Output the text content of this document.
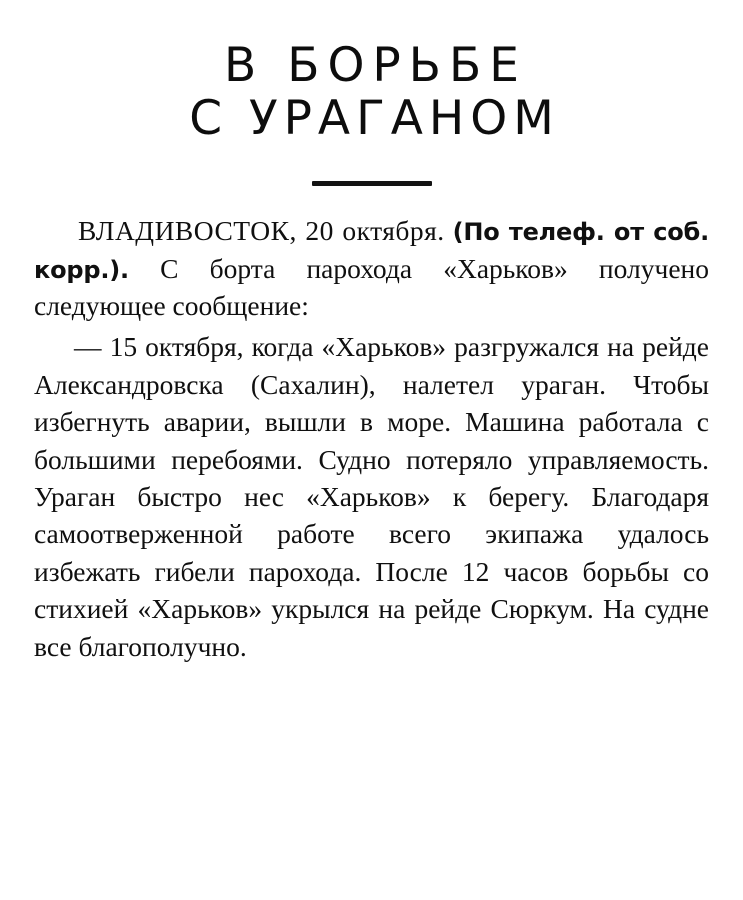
В БОРЬБЕ
С УРАГАНОМ

ВЛАДИВОСТОК, 20 октября. (По телеф. от соб. корр.). С борта парохода «Харьков» получено следующее сообщение:

— 15 октября, когда «Харьков» разгружался на рейде Александровска (Сахалин), налетел ураган. Чтобы избегнуть аварии, вышли в море. Машина работала с большими перебоями. Судно потеряло управляемость. Ураган быстро нес «Харьков» к берегу. Благодаря самоотверженной работе всего экипажа удалось избежать гибели парохода. После 12 часов борьбы со стихией «Харьков» укрылся на рейде Сюркум. На судне все благополучно.
